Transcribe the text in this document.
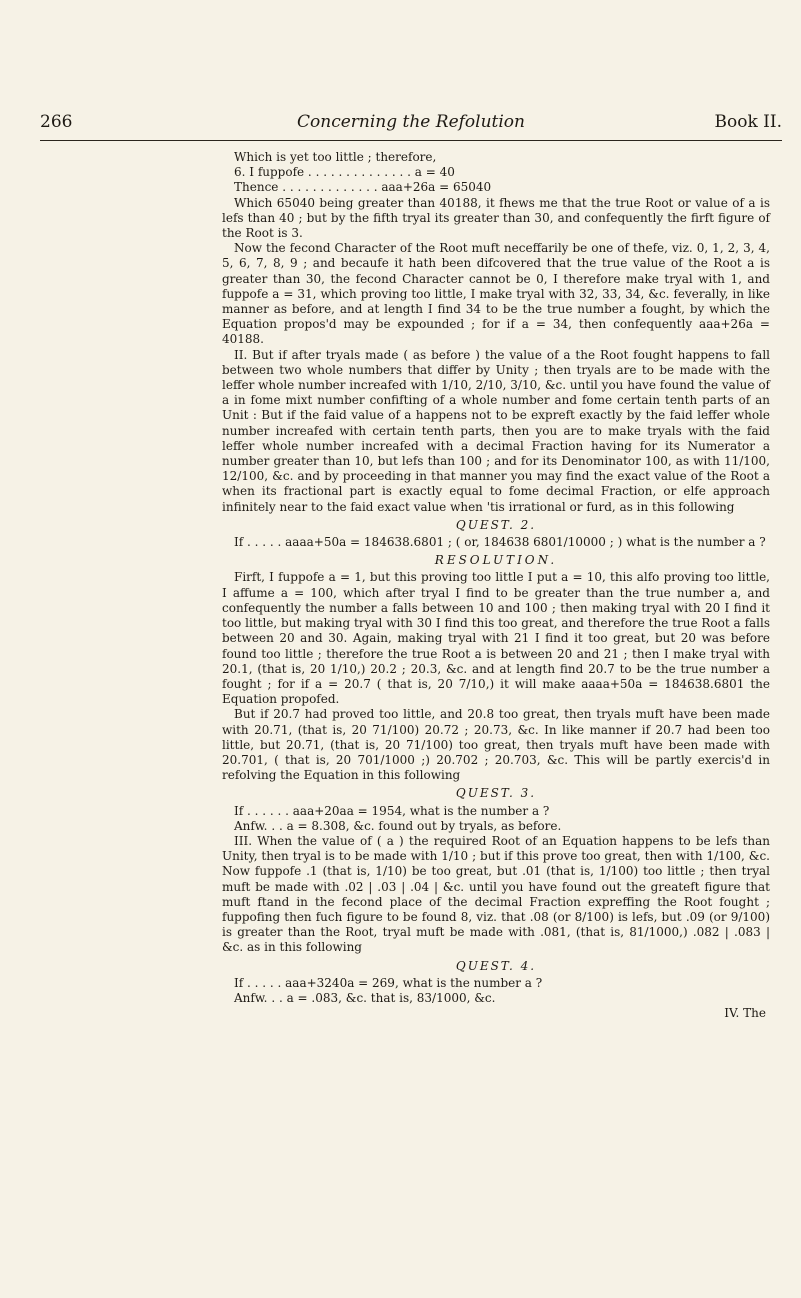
266	Concerning the Refolution	Book II.

Which is yet too little ; therefore,

6. I fuppofe . . . . . . . . . . . . . . a = 40

Thence . . . . . . . . . . . . . aaa+26a = 65040

Which 65040 being greater than 40188, it fhews me that the true Root or value of a is lefs than 40 ; but by the fifth tryal its greater than 30, and confequently the firft figure of the Root is 3.

Now the fecond Character of the Root muft neceffarily be one of thefe, viz. 0, 1, 2, 3, 4, 5, 6, 7, 8, 9 ; and becaufe it hath been difcovered that the true value of the Root a is greater than 30, the fecond Character cannot be 0, I therefore make tryal with 1, and fuppofe a = 31, which proving too little, I make tryal with 32, 33, 34, &c. feverally, in like manner as before, and at length I find 34 to be the true number a fought, by which the Equation propos'd may be expounded ; for if a = 34, then confequently aaa+26a = 40188.

II. But if after tryals made ( as before ) the value of a the Root fought happens to fall between two whole numbers that differ by Unity ; then tryals are to be made with the leffer whole number increafed with 1/10, 2/10, 3/10, &c. until you have found the value of a in fome mixt number confifting of a whole number and fome certain tenth parts of an Unit : But if the faid value of a happens not to be expreft exactly by the faid leffer whole number increafed with certain tenth parts, then you are to make tryals with the faid leffer whole number increafed with a decimal Fraction having for its Numerator a number greater than 10, but lefs than 100 ; and for its Denominator 100, as with 11/100, 12/100, &c. and by proceeding in that manner you may find the exact value of the Root a when its fractional part is exactly equal to fome decimal Fraction, or elfe approach infinitely near to the faid exact value when 'tis irrational or furd, as in this following

QUEST. 2.

If . . . . . aaaa+50a = 184638.6801 ; ( or, 184638 6801/10000 ; ) what is the number a ?

RESOLUTION.

Firft, I fuppofe a = 1, but this proving too little I put a = 10, this alfo proving too little, I affume a = 100, which after tryal I find to be greater than the true number a, and confequently the number a falls between 10 and 100 ; then making tryal with 20 I find it too little, but making tryal with 30 I find this too great, and therefore the true Root a falls between 20 and 30. Again, making tryal with 21 I find it too great, but 20 was before found too little ; therefore the true Root a is between 20 and 21 ; then I make tryal with 20.1, (that is, 20 1/10,) 20.2 ; 20.3, &c. and at length find 20.7 to be the true number a fought ; for if a = 20.7 ( that is, 20 7/10,) it will make aaaa+50a = 184638.6801 the Equation propofed.

But if 20.7 had proved too little, and 20.8 too great, then tryals muft have been made with 20.71, (that is, 20 71/100) 20.72 ; 20.73, &c. In like manner if 20.7 had been too little, but 20.71, (that is, 20 71/100) too great, then tryals muft have been made with 20.701, ( that is, 20 701/1000 ;) 20.702 ; 20.703, &c. This will be partly exercis'd in refolving the Equation in this following

QUEST. 3.

If . . . . . . aaa+20aa = 1954, what is the number a ?

Anfw. . . a = 8.308, &c. found out by tryals, as before.

III. When the value of ( a ) the required Root of an Equation happens to be lefs than Unity, then tryal is to be made with 1/10 ; but if this prove too great, then with 1/100, &c. Now fuppofe .1 (that is, 1/10) be too great, but .01 (that is, 1/100) too little ; then tryal muft be made with .02 | .03 | .04 | &c. until you have found out the greateft figure that muft ftand in the fecond place of the decimal Fraction expreffing the Root fought ; fuppofing then fuch figure to be found 8, viz. that .08 (or 8/100) is lefs, but .09 (or 9/100) is greater than the Root, tryal muft be made with .081, (that is, 81/1000,) .082 | .083 | &c. as in this following

QUEST. 4.

If . . . . . aaa+3240a = 269, what is the number a ?

Anfw. . . a = .083, &c. that is, 83/1000, &c.

IV. The
